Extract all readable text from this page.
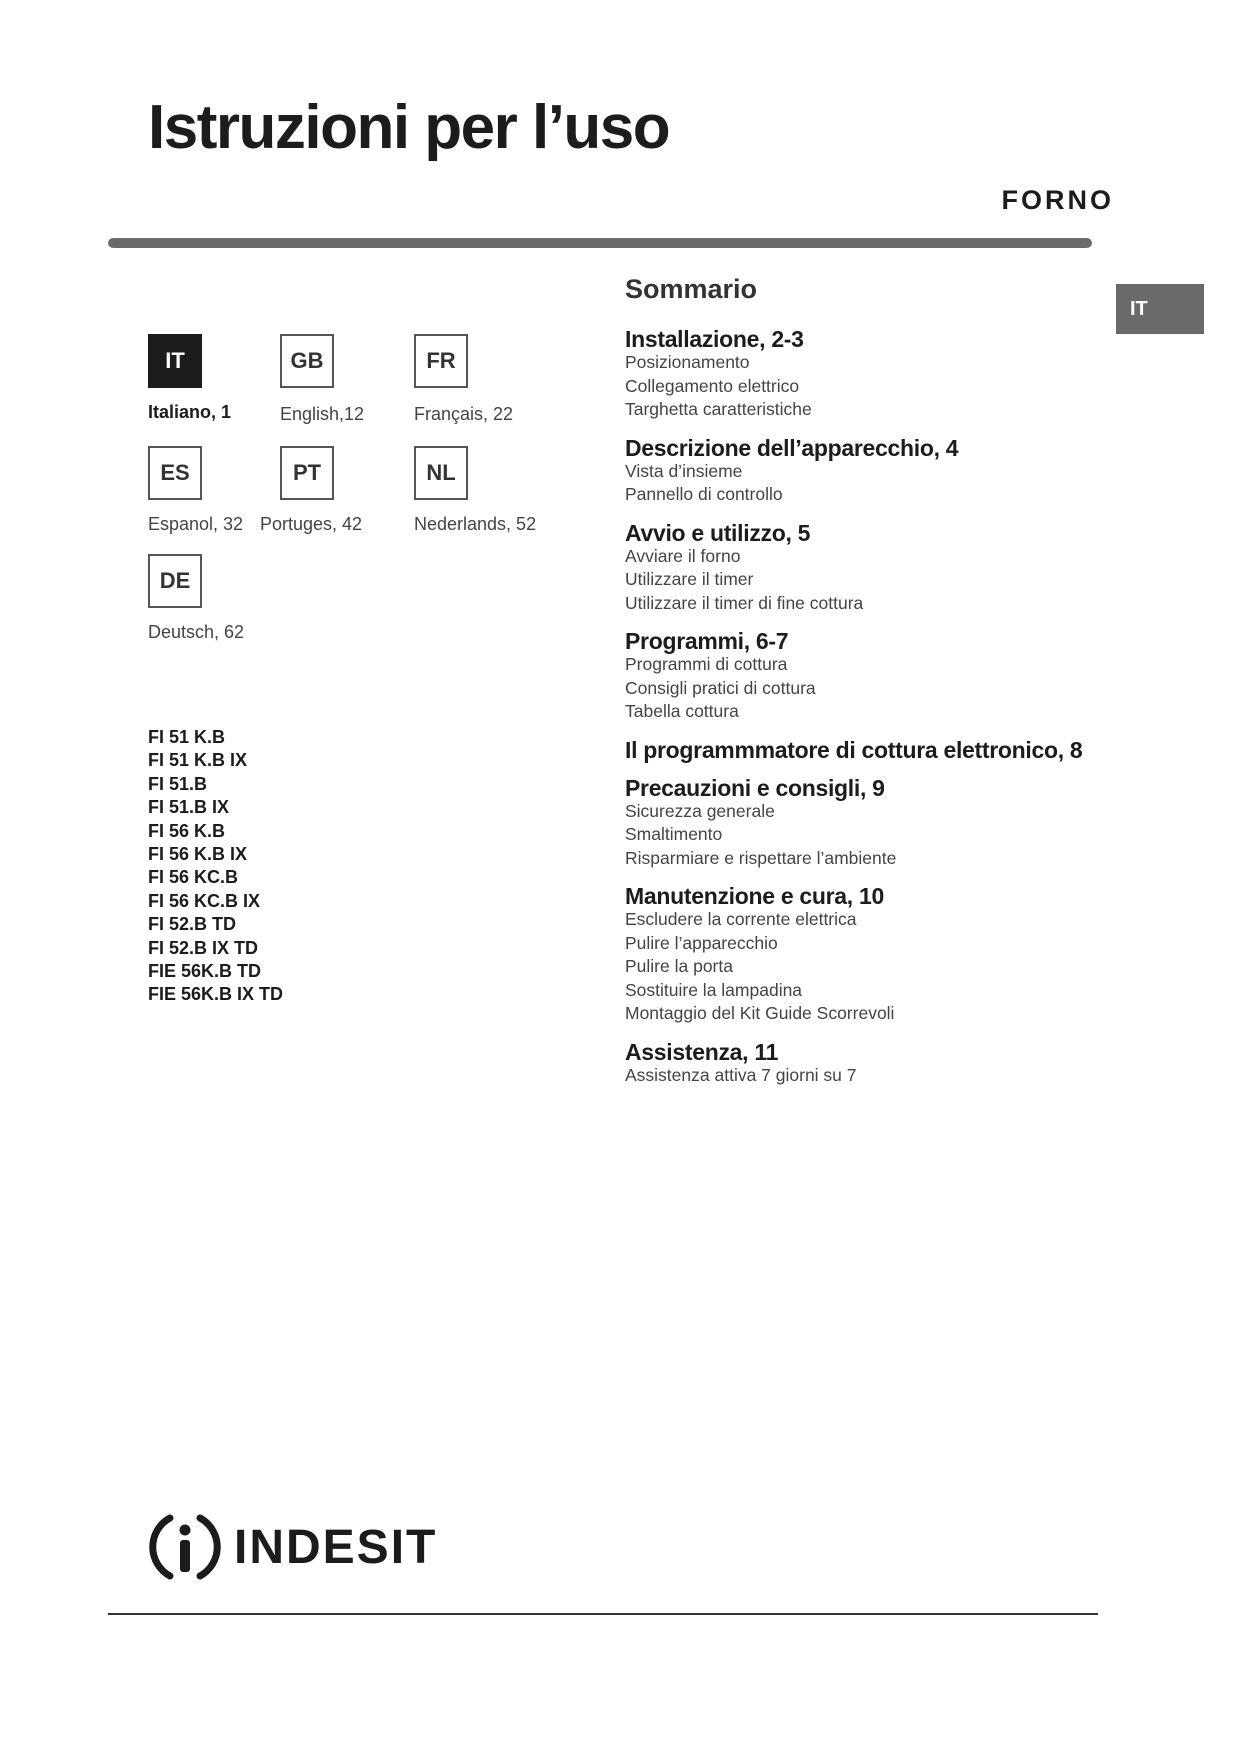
Istruzioni per l’uso
FORNO
IT
IT	GB	FR
Italiano, 1	English,12	Français, 22
ES	PT	NL
Espanol, 32 Portuges, 42	Nederlands, 52
DE
Deutsch, 62
FI 51 K.B
FI 51 K.B IX
FI 51.B
FI 51.B IX
FI 56 K.B
FI 56 K.B IX
FI 56 KC.B
FI 56 KC.B IX
FI 52.B TD
FI 52.B IX TD
FIE 56K.B TD
FIE 56K.B IX TD
Sommario
Installazione, 2-3
Posizionamento
Collegamento elettrico
Targhetta caratteristiche
Descrizione dell’apparecchio, 4
Vista d’insieme
Pannello di controllo
Avvio e utilizzo, 5
Avviare il forno
Utilizzare il timer
Utilizzare il timer di fine cottura
Programmi, 6-7
Programmi di cottura
Consigli pratici di cottura
Tabella cottura
Il programmmatore di cottura elettronico, 8
Precauzioni e consigli, 9
Sicurezza generale
Smaltimento
Risparmiare e rispettare l’ambiente
Manutenzione e cura, 10
Escludere la corrente elettrica
Pulire l’apparecchio
Pulire la porta
Sostituire la lampadina
Montaggio del Kit Guide Scorrevoli
Assistenza, 11
Assistenza attiva 7 giorni su 7
INDESIT
